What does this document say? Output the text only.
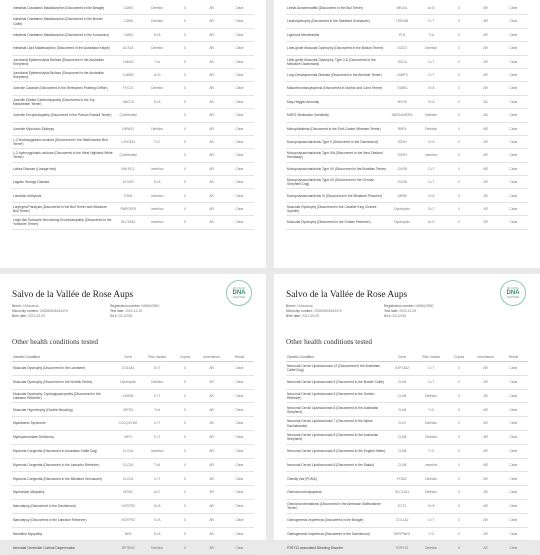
Intestinal Cobalamin Malabsorption (Discovered in the Beagle)	CUBN	Deletion	0	AR	Clear
Intestinal Cobalamin Malabsorption (Discovered in the Border Collie)	CUBN	Deletion	0	AR	Clear
Intestinal Cobalamin Malabsorption (Discovered in the Komondor)	CUBN	G>A	0	AR	Clear
Intestinal Lipid Malabsorption (Discovered in the Australian Kelpie)	ACSL5	Deletion	0	AR	Clear
Junctional Epidermolysis Bullosa (Discovered in the Australian Shepherd)	LAMA3	T>A	0	AR	Clear
Junctional Epidermolysis Bullosa (Discovered in the Australian Shepherd)	LAMB3	A>G	0	AR	Clear
Juvenile Cataract (Discovered in the Wirehaired Pointing Griffon)	FYCO1	Deletion	0	AR	Clear
Juvenile Dilated Cardiomyopathy (Discovered in the Toy Manchester Terrier)	ABCC9	G>A	0	AR	Clear
Juvenile Encephalopathy (Discovered in the Parson Russell Terrier)	Confidential	-	0	AR	Clear
Juvenile Myoclonic Epilepsy	DIRAS1	Deletion	0	AR	Clear
L-2-Hydroxyglutaric aciduria (Discovered in the Staffordshire Bull Terrier)	L2HGDH	T>C	0	AR	Clear
L-2-hydroxyglutaric aciduria (Discovered in the West Highland White Terrier)	Confidential	-	0	AR	Clear
Lafora Disease (Linkage test)	NHLRC1	Insertion	0	AR	Clear
Lagotto Storage Disease	ATG4D	G>A	0	AR	Clear
Lamellar Ichthyosis	TGM1	Insertion	0	AR	Clear
Laryngeal Paralysis (Discovered in the Bull Terrier and Miniature Bull Terrier)	RAPGEF6	Insertion	0	AR	Clear
Leigh-like Subacute Necrotizing Encephalopathy (Discovered in the Yorkshire Terrier)	SLC19A3	Insertion	0	AR	Clear
Lethal Acrodermatitis (Discovered in the Bull Terrier)	MKLN1	A>G	0	AR	Clear
Leukodystrophy (Discovered in the Standard Schnauzer)	TSEN54	C>T	0	AR	Clear
Ligneous Membranitis	PLG	T>A	0	AR	Clear
Limb-girdle Muscular Dystrophy (Discovered in the Boston Terrier)	SGCD	Deletion	0	AR	Clear
Limb-girdle Muscular Dystrophy, Type 2-D (Discovered in the Miniature Dachshund)	SGCA	C>T	0	AR	Clear
Lung Developmental Disease (Discovered in the Airedale Terrier)	LAMP3	C>T	0	AR	Clear
Macrothrombocytopenia (Discovered in Norfolk and Cairn Terrier)	TUBB1	G>A	0	AR	Clear
May-Hegglin Anomaly	MYH9	G>A	0	AD	Clear
MDR1 Medication Sensitivity	ABCB1/MDR1	Deletion	0	AD	Clear
Microphthalmia (Discovered in the Soft-Coated Wheaten Terrier)	RBP4	Deletion	0	AR	Clear
Mucopolysaccharidosis Type II (Discovered in the Dachshund)	SGSH	C>A	0	AR	Clear
Mucopolysaccharidosis Type IIIA (Discovered in the New Zealand Huntaway)	SGSH	Insertion	0	AR	Clear
Mucopolysaccharidosis Type VII (Discovered in the Brazilian Terrier)	GUSB	C>T	0	AR	Clear
Mucopolysaccharidosis Type VII (Discovered in the German Shepherd Dog)	GUSB	C>T	0	AR	Clear
Mucopolysaccharidosis VI (Discovered in the Miniature Pinscher)	ARSB	G>A	0	AR	Clear
Muscular Dystrophy (Discovered in the Cavalier King Charles Spaniel)	Dystrophin	G>T	0	XR	Clear
Muscular Dystrophy (Discovered in the Golden Retriever)	Dystrophin	A>G	0	XR	Clear
Salvo de la Vallée de Rose Aups
Breed: Chihuahua	Registration number: NMBA/2550
Microchip number: 250269606163476	Test date: 2024-12-25
Birth date: 2021-05-09	Kit #: DC12024
MY DOGS
DNA
CERTIFIED
Other health conditions tested
Genetic Condition	Gene	Risk Variant	Copies	Inheritance	Result
Muscular Dystrophy (Discovered in the Landseer)	COL6A1	G>T	0	AR	Clear
Muscular Dystrophy (Discovered in the Norfolk Terrier)	Dystrophin	Deletion	0	XR	Clear
Muscular Dystrophy- Dystroglycanopathy (Discovered in the Labrador Retriever)	LARGE	C>T	0	AR	Clear
Muscular Hypertrophy (Double Muscling)	MSTN	T>A	0	AR	Clear
Myasthenic Syndrome	COLQ/CHAT	C>T	0	AR	Clear
Myeloperoxidase Deficiency	MPO	C>T	0	AR	Clear
Myotonia Congenita (Discovered in Australian Cattle Dog)	CLCN1	Insertion	0	AR	Clear
Myotonia Congenita (Discovered in the Labrador Retriever)	CLCN1	T>A	0	AR	Clear
Myotonia Congenita (Discovered in the Miniature Schnauzer)	CLCN1	C>T	0	AR	Clear
Myotubular Myopathy	MTM1	A>C	0	XR	Clear
Narcolepsy (Discovered in the Dachshund)	HCRTR2	G>A	0	AR	Clear
Narcolepsy (Discovered in the Labrador Retriever)	HCRTR2	G>A	0	AR	Clear
Nemaline Myopathy	NEB	G>A	0	AR	Clear
Neonatal Cerebellar Cortical Degeneration	SPTBN2	Deletion	0	AR	Clear
Salvo de la Vallée de Rose Aups
Breed: Chihuahua	Registration number: NMBA/2550
Microchip number: 250269606163476	Test date: 2024-12-25
Birth date: 2021-05-09	Kit #: DC12024
MY DOGS
DNA
CERTIFIED
Other health conditions tested
Genetic Condition	Gene	Risk Variant	Copies	Inheritance	Result
Neuronal Ceroid Lipofuscinosis 12 (Discovered in the Australian Cattle Dog)	ATP13A2	C>T	0	AR	Clear
Neuronal Ceroid Lipofuscinosis 5 (Discovered in the Border Collie)	CLN5	C>T	0	AR	Clear
Neuronal Ceroid Lipofuscinosis 5 (Discovered in the Golden Retriever)	CLN5	Deletion	0	AR	Clear
Neuronal Ceroid Lipofuscinosis 6 (Discovered in the Australian Shepherd)	CLN6	T>C	0	AR	Clear
Neuronal Ceroid Lipofuscinosis 7 (Discovered in the Alpine Dachsbracke)	CLN7	Deletion	0	AR	Clear
Neuronal Ceroid Lipofuscinosis 8 (Discovered in the Australian Shepherd)	CLN8	Deletion	0	AR	Clear
Neuronal Ceroid Lipofuscinosis 8 (Discovered in the English Setter)	CLN8	T>C	0	AR	Clear
Neuronal Ceroid Lipofuscinosis 8 (Discovered in the Saluki)	CLN8	Insertion	0	AR	Clear
Obesity risk (POMC)	POMC	Deletion	0	AR	Clear
Osteochondrodysplasia	SLC13A1	Deletion	0	AR	Clear
Osteochondromatosis (Discovered in the American Staffordshire Terrier)	EXT2	G>A	0	AR	Clear
Osteogenesis Imperfecta (Discovered in the Beagle)	COL1A2	C>T	0	AR	Clear
Osteogenesis Imperfecta (Discovered in the Dachshund)	SERPINH1	T>C	0	AR	Clear
P2RY12-associated Bleeding Disorder	P2RY12	Deletion	0	AR	Clear
